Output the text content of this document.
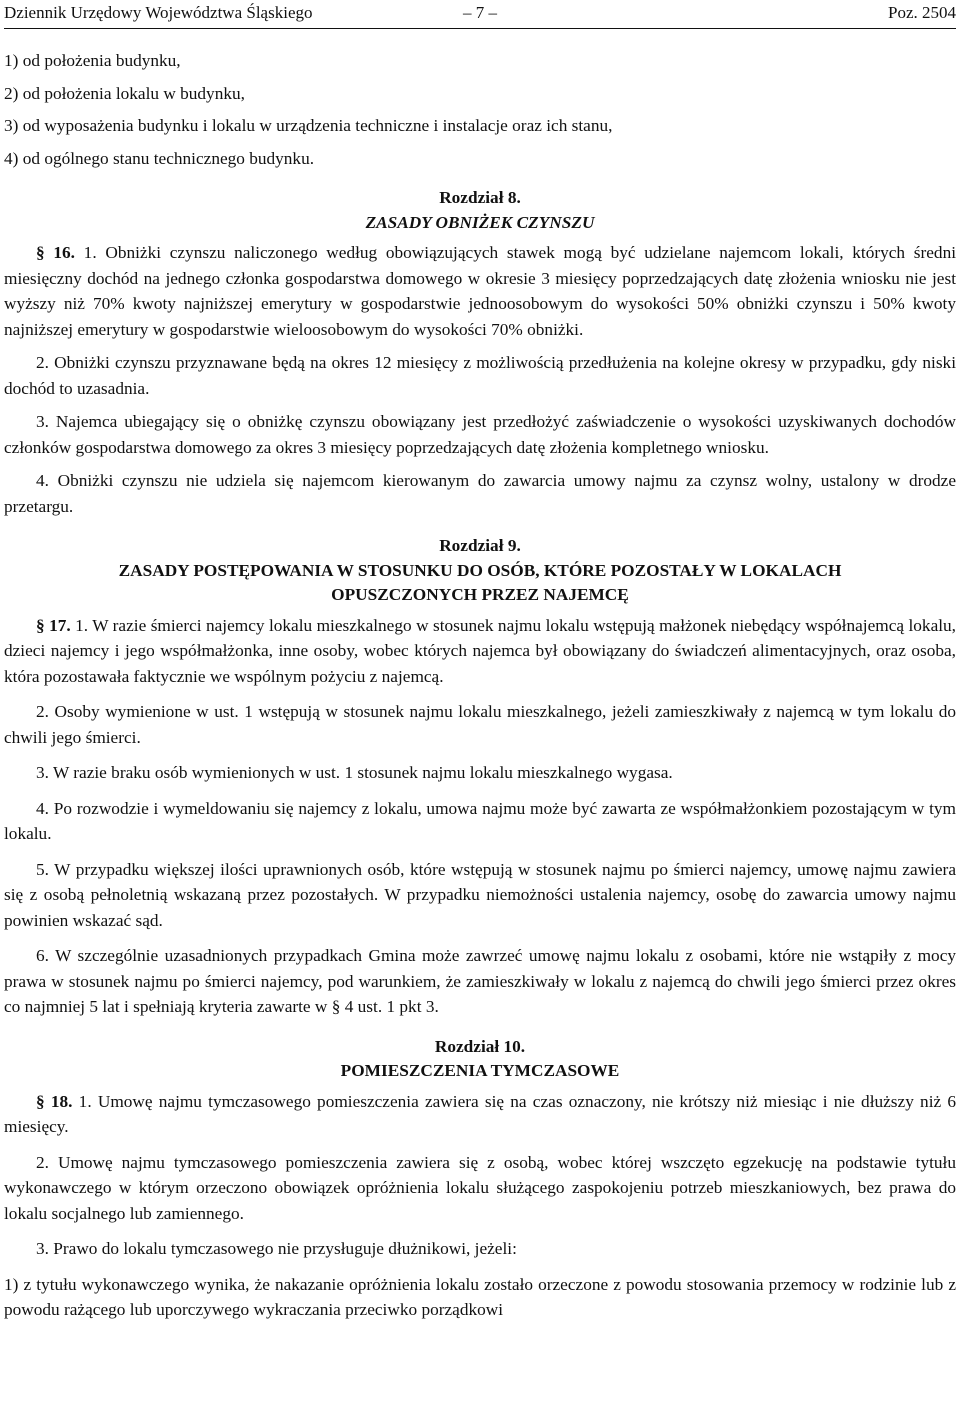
Dziennik Urzędowy Województwa Śląskiego	– 7 –	Poz. 2504

1) od położenia budynku,

2) od położenia lokalu w budynku,

3) od wyposażenia budynku i lokalu w urządzenia techniczne i instalacje oraz ich stanu,

4) od ogólnego stanu technicznego budynku.

Rozdział 8.

ZASADY OBNIŻEK CZYNSZU

§ 16. 1. Obniżki czynszu naliczonego według obowiązujących stawek mogą być udzielane najemcom lokali, których średni miesięczny dochód na jednego członka gospodarstwa domowego w okresie 3 miesięcy poprzedzających datę złożenia wniosku nie jest wyższy niż 70% kwoty najniższej emerytury w gospodarstwie jednoosobowym do wysokości 50% obniżki czynszu i 50% kwoty najniższej emerytury w gospodarstwie wieloosobowym do wysokości 70% obniżki.

2. Obniżki czynszu przyznawane będą na okres 12 miesięcy z możliwością przedłużenia na kolejne okresy w przypadku, gdy niski dochód to uzasadnia.

3. Najemca ubiegający się o obniżkę czynszu obowiązany jest przedłożyć zaświadczenie o wysokości uzyskiwanych dochodów członków gospodarstwa domowego za okres 3 miesięcy poprzedzających datę złożenia kompletnego wniosku.

4. Obniżki czynszu nie udziela się najemcom kierowanym do zawarcia umowy najmu za czynsz wolny, ustalony w drodze przetargu.

Rozdział 9.

ZASADY POSTĘPOWANIA W STOSUNKU DO OSÓB, KTÓRE POZOSTAŁY W LOKALACH

OPUSZCZONYCH PRZEZ NAJEMCĘ

§ 17. 1. W razie śmierci najemcy lokalu mieszkalnego w stosunek najmu lokalu wstępują małżonek niebędący współnajemcą lokalu, dzieci najemcy i jego współmałżonka, inne osoby, wobec których najemca był obowiązany do świadczeń alimentacyjnych, oraz osoba, która pozostawała faktycznie we wspólnym pożyciu z najemcą.

2. Osoby wymienione w ust. 1 wstępują w stosunek najmu lokalu mieszkalnego, jeżeli zamieszkiwały z najemcą w tym lokalu do chwili jego śmierci.

3. W razie braku osób wymienionych w ust. 1 stosunek najmu lokalu mieszkalnego wygasa.

4. Po rozwodzie i wymeldowaniu się najemcy z lokalu, umowa najmu może być zawarta ze współmałżonkiem pozostającym w tym lokalu.

5. W przypadku większej ilości uprawnionych osób, które wstępują w stosunek najmu po śmierci najemcy, umowę najmu zawiera się z osobą pełnoletnią wskazaną przez pozostałych. W przypadku niemożności ustalenia najemcy, osobę do zawarcia umowy najmu powinien wskazać sąd.

6. W szczególnie uzasadnionych przypadkach Gmina może zawrzeć umowę najmu lokalu z osobami, które nie wstąpiły z mocy prawa w stosunek najmu po śmierci najemcy, pod warunkiem, że zamieszkiwały w lokalu z najemcą do chwili jego śmierci przez okres co najmniej 5 lat i spełniają kryteria zawarte w § 4 ust. 1 pkt 3.

Rozdział 10.

POMIESZCZENIA TYMCZASOWE

§ 18. 1. Umowę najmu tymczasowego pomieszczenia zawiera się na czas oznaczony, nie krótszy niż miesiąc i nie dłuższy niż 6 miesięcy.

2. Umowę najmu tymczasowego pomieszczenia zawiera się z osobą, wobec której wszczęto egzekucję na podstawie tytułu wykonawczego w którym orzeczono obowiązek opróżnienia lokalu służącego zaspokojeniu potrzeb mieszkaniowych, bez prawa do lokalu socjalnego lub zamiennego.

3. Prawo do lokalu tymczasowego nie przysługuje dłużnikowi, jeżeli:

1) z tytułu wykonawczego wynika, że nakazanie opróżnienia lokalu zostało orzeczone z powodu stosowania przemocy w rodzinie lub z powodu rażącego lub uporczywego wykraczania przeciwko porządkowi
